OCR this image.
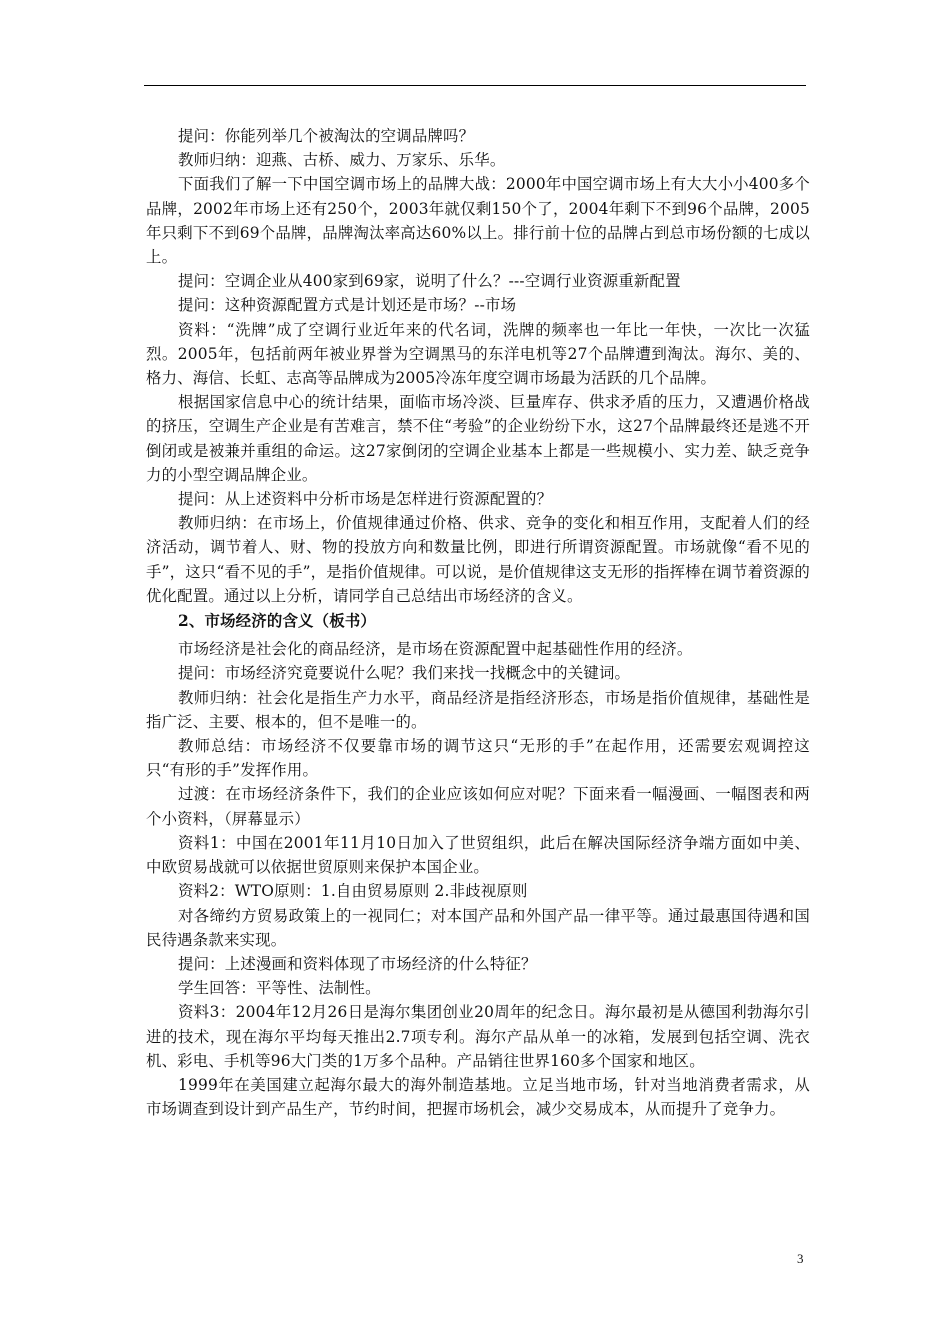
提问：你能列举几个被淘汰的空调品牌吗？

教师归纳：迎燕、古桥、威力、万家乐、乐华。

下面我们了解一下中国空调市场上的品牌大战：2000年中国空调市场上有大大小小400多个品牌，2002年市场上还有250个，2003年就仅剩150个了，2004年剩下不到96个品牌，2005年只剩下不到69个品牌，品牌淘汰率高达60%以上。排行前十位的品牌占到总市场份额的七成以上。

提问：空调企业从400家到69家，说明了什么？---空调行业资源重新配置

提问：这种资源配置方式是计划还是市场？--市场

资料：“洗牌”成了空调行业近年来的代名词，洗牌的频率也一年比一年快，一次比一次猛烈。2005年，包括前两年被业界誉为空调黑马的东洋电机等27个品牌遭到淘汰。海尔、美的、格力、海信、长虹、志高等品牌成为2005冷冻年度空调市场最为活跃的几个品牌。

根据国家信息中心的统计结果，面临市场冷淡、巨量库存、供求矛盾的压力，又遭遇价格战的挤压，空调生产企业是有苦难言，禁不住“考验”的企业纷纷下水，这27个品牌最终还是逃不开倒闭或是被兼并重组的命运。这27家倒闭的空调企业基本上都是一些规模小、实力差、缺乏竞争力的小型空调品牌企业。

提问：从上述资料中分析市场是怎样进行资源配置的？

教师归纳：在市场上，价值规律通过价格、供求、竞争的变化和相互作用，支配着人们的经济活动，调节着人、财、物的投放方向和数量比例，即进行所谓资源配置。市场就像“看不见的手”，这只“看不见的手”，是指价值规律。可以说，是价值规律这支无形的指挥棒在调节着资源的优化配置。通过以上分析，请同学自己总结出市场经济的含义。

2、市场经济的含义（板书）

市场经济是社会化的商品经济，是市场在资源配置中起基础性作用的经济。

提问：市场经济究竟要说什么呢？我们来找一找概念中的关键词。

教师归纳：社会化是指生产力水平，商品经济是指经济形态，市场是指价值规律，基础性是指广泛、主要、根本的，但不是唯一的。

教师总结：市场经济不仅要靠市场的调节这只“无形的手”在起作用，还需要宏观调控这只“有形的手”发挥作用。

过渡：在市场经济条件下，我们的企业应该如何应对呢？下面来看一幅漫画、一幅图表和两个小资料，（屏幕显示）

资料1：中国在2001年11月10日加入了世贸组织，此后在解决国际经济争端方面如中美、中欧贸易战就可以依据世贸原则来保护本国企业。

资料2：WTO原则：1.自由贸易原则 2.非歧视原则

对各缔约方贸易政策上的一视同仁；对本国产品和外国产品一律平等。通过最惠国待遇和国民待遇条款来实现。

提问：上述漫画和资料体现了市场经济的什么特征？

学生回答：平等性、法制性。

资料3：2004年12月26日是海尔集团创业20周年的纪念日。海尔最初是从德国利勃海尔引进的技术，现在海尔平均每天推出2.7项专利。海尔产品从单一的冰箱，发展到包括空调、洗衣机、彩电、手机等96大门类的1万多个品种。产品销往世界160多个国家和地区。

1999年在美国建立起海尔最大的海外制造基地。立足当地市场，针对当地消费者需求，从市场调查到设计到产品生产，节约时间，把握市场机会，减少交易成本，从而提升了竞争力。

3
